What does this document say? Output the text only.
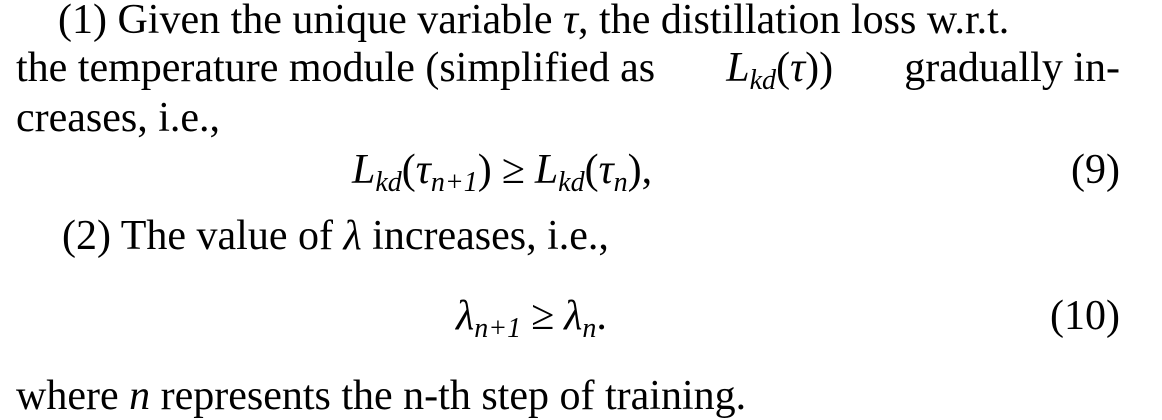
(1) Given the unique variable τ, the distillation loss w.r.t.
the temperature module (simplified as $L_{kd}(\tau)$) gradually in-
creases, i.e.,
$L_{kd}(\tau_{n+1}) \ge L_{kd}(\tau_n)$,	(9)
(2) The value of λ increases, i.e.,
$\lambda_{n+1} \ge \lambda_n$.	(10)
where n represents the n-th step of training.
